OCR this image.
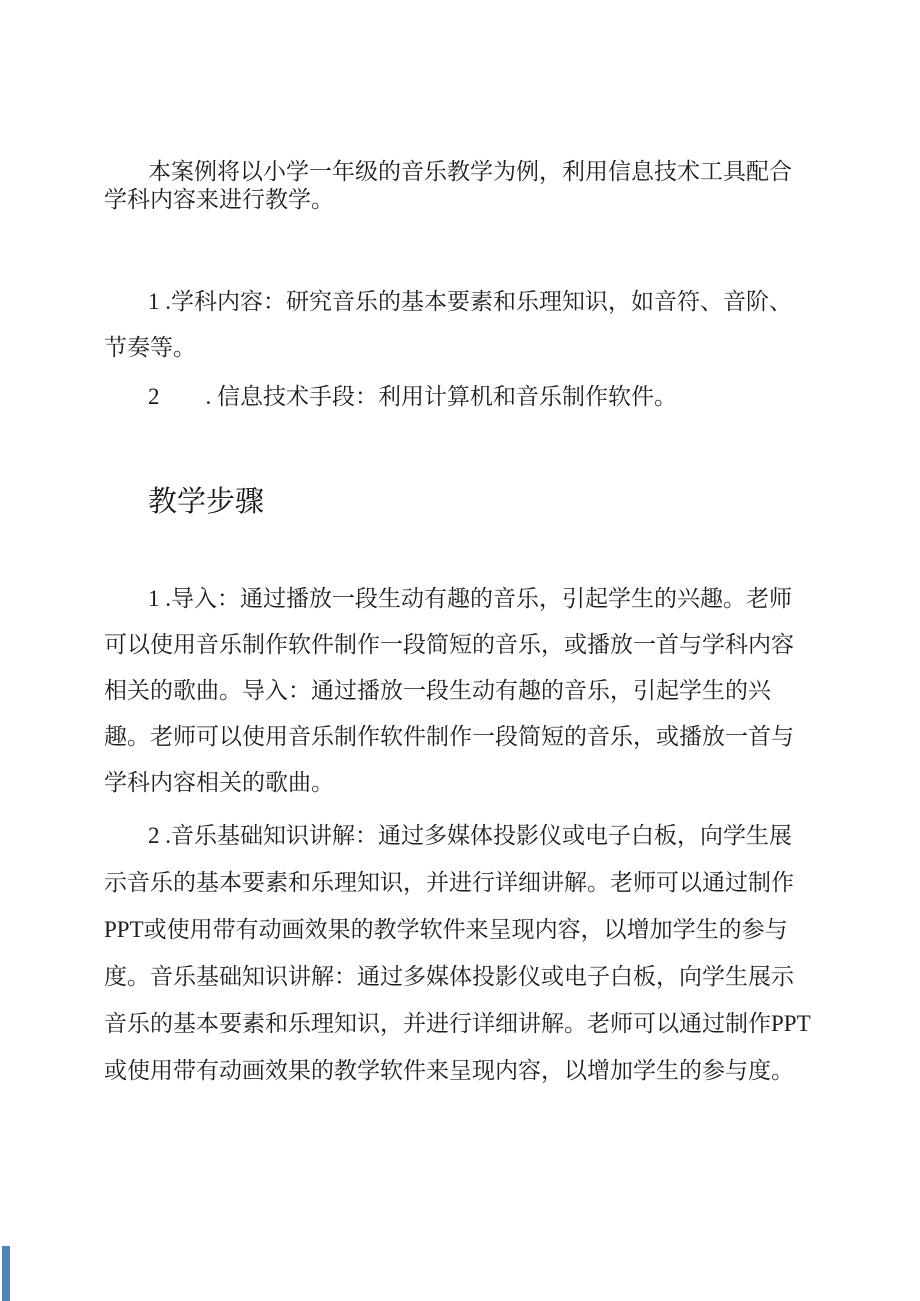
本案例将以小学一年级的音乐教学为例，利用信息技术工具配合
学科内容来进行教学。
1 .学科内容：研究音乐的基本要素和乐理知识，如音符、音阶、
节奏等。
2　　. 信息技术手段：利用计算机和音乐制作软件。
教学步骤
1 .导入：通过播放一段生动有趣的音乐，引起学生的兴趣。老师
可以使用音乐制作软件制作一段简短的音乐，或播放一首与学科内容
相关的歌曲。导入：通过播放一段生动有趣的音乐，引起学生的兴
趣。老师可以使用音乐制作软件制作一段简短的音乐，或播放一首与
学科内容相关的歌曲。
2 .音乐基础知识讲解：通过多媒体投影仪或电子白板，向学生展
示音乐的基本要素和乐理知识，并进行详细讲解。老师可以通过制作
PPT或使用带有动画效果的教学软件来呈现内容，以增加学生的参与
度。音乐基础知识讲解：通过多媒体投影仪或电子白板，向学生展示
音乐的基本要素和乐理知识，并进行详细讲解。老师可以通过制作PPT
或使用带有动画效果的教学软件来呈现内容，以增加学生的参与度。
